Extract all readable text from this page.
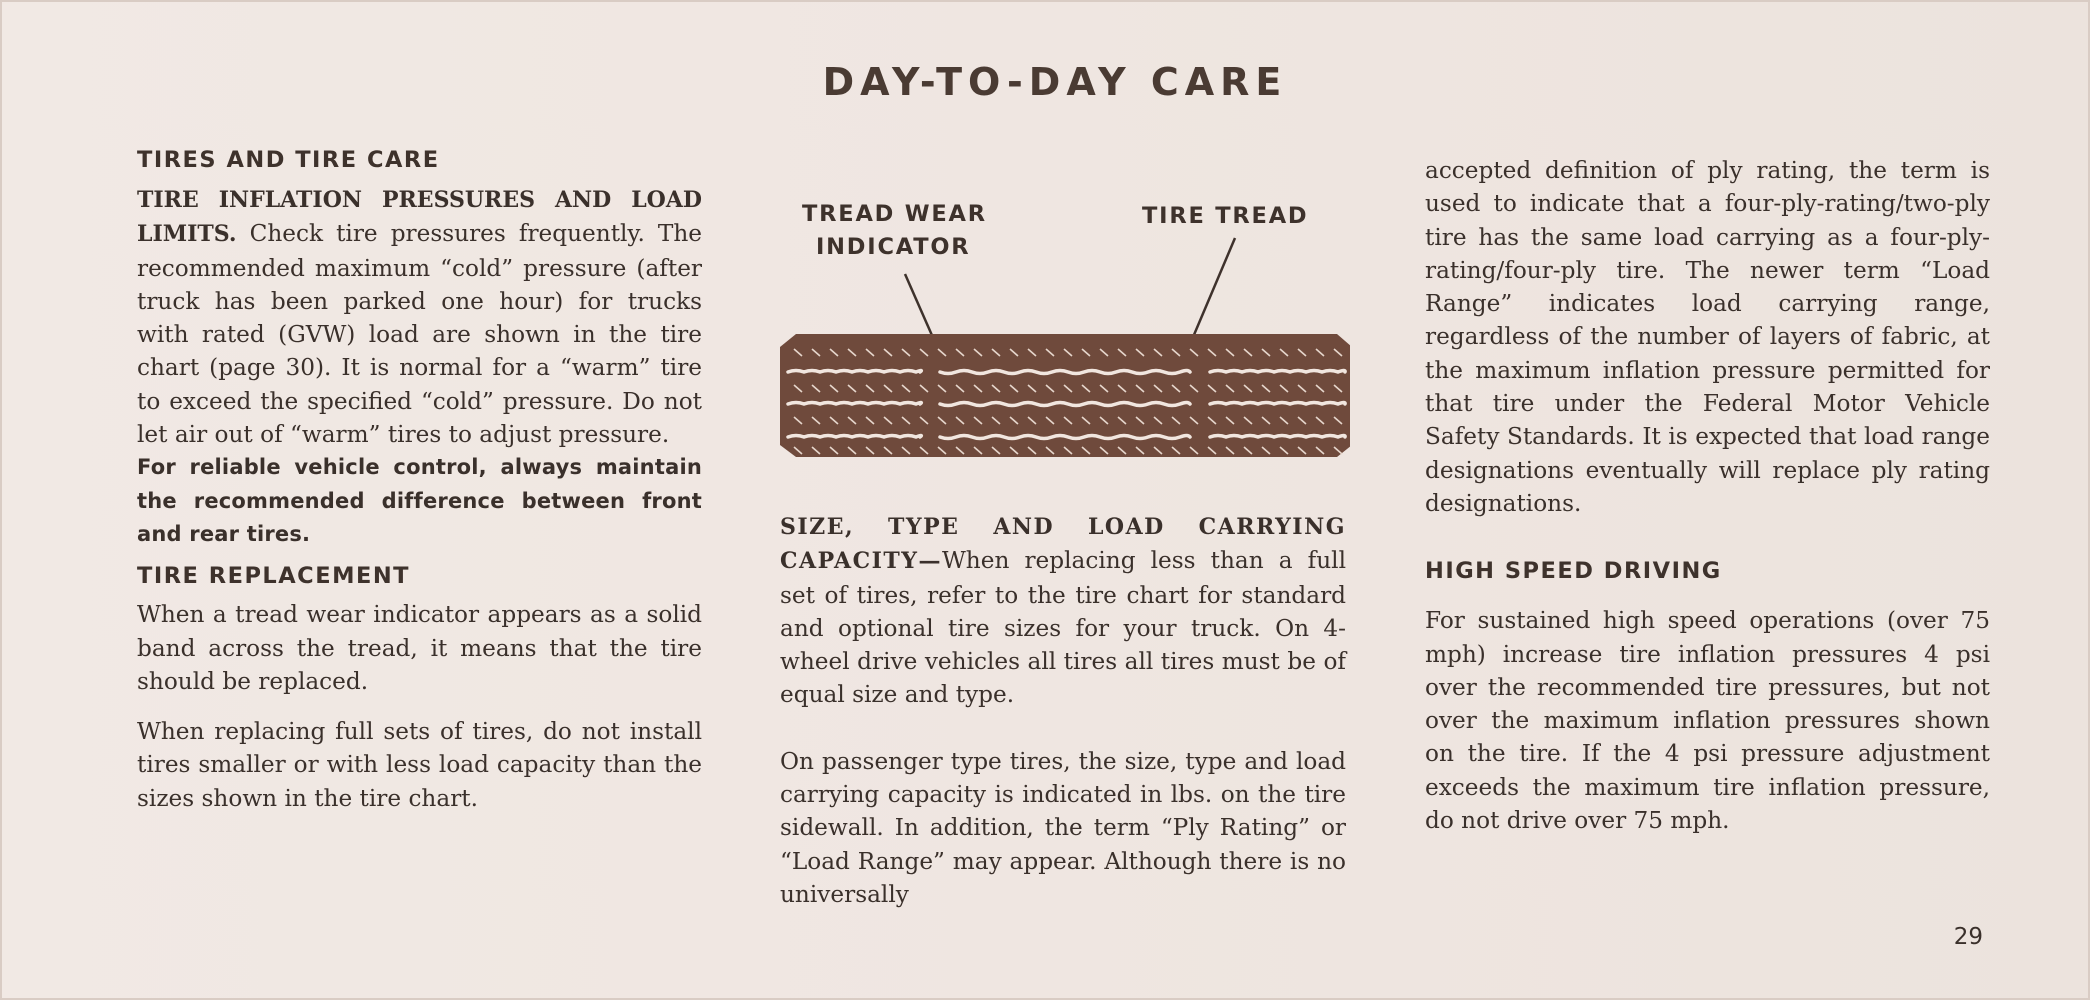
DAY-TO-DAY CARE
TIRES AND TIRE CARE

TIRE INFLATION PRESSURES AND LOAD LIMITS. Check tire pressures frequently. The recommended maximum “cold” pressure (after truck has been parked one hour) for trucks with rated (GVW) load are shown in the tire chart (page 30). It is normal for a “warm” tire to exceed the specified “cold” pressure. Do not let air out of “warm” tires to adjust pressure.

For reliable vehicle control, always maintain the recommended difference between front and rear tires.
TIRE REPLACEMENT

When a tread wear indicator appears as a solid band across the tread, it means that the tire should be replaced.

When replacing full sets of tires, do not install tires smaller or with less load capacity than the sizes shown in the tire chart.

TREAD WEAR
INDICATOR
TIRE TREAD

SIZE, TYPE AND LOAD CARRYING CAPACITY—When replacing less than a full set of tires, refer to the tire chart for standard and optional tire sizes for your truck. On 4-wheel drive vehicles all tires all tires must be of equal size and type.

On passenger type tires, the size, type and load carrying capacity is indicated in lbs. on the tire sidewall. In addition, the term “Ply Rating” or “Load Range” may appear. Although there is no universally

accepted definition of ply rating, the term is used to indicate that a four-ply-rating/two-ply tire has the same load carrying as a four-ply-rating/four-ply tire. The newer term “Load Range” indicates load carrying range, regardless of the number of layers of fabric, at the maximum inflation pressure permitted for that tire under the Federal Motor Vehicle Safety Standards. It is expected that load range designations eventually will replace ply rating designations.

HIGH SPEED DRIVING

For sustained high speed operations (over 75 mph) increase tire inflation pressures 4 psi over the recommended tire pressures, but not over the maximum inflation pressures shown on the tire. If the 4 psi pressure adjustment exceeds the maximum tire inflation pressure, do not drive over 75 mph.

29
